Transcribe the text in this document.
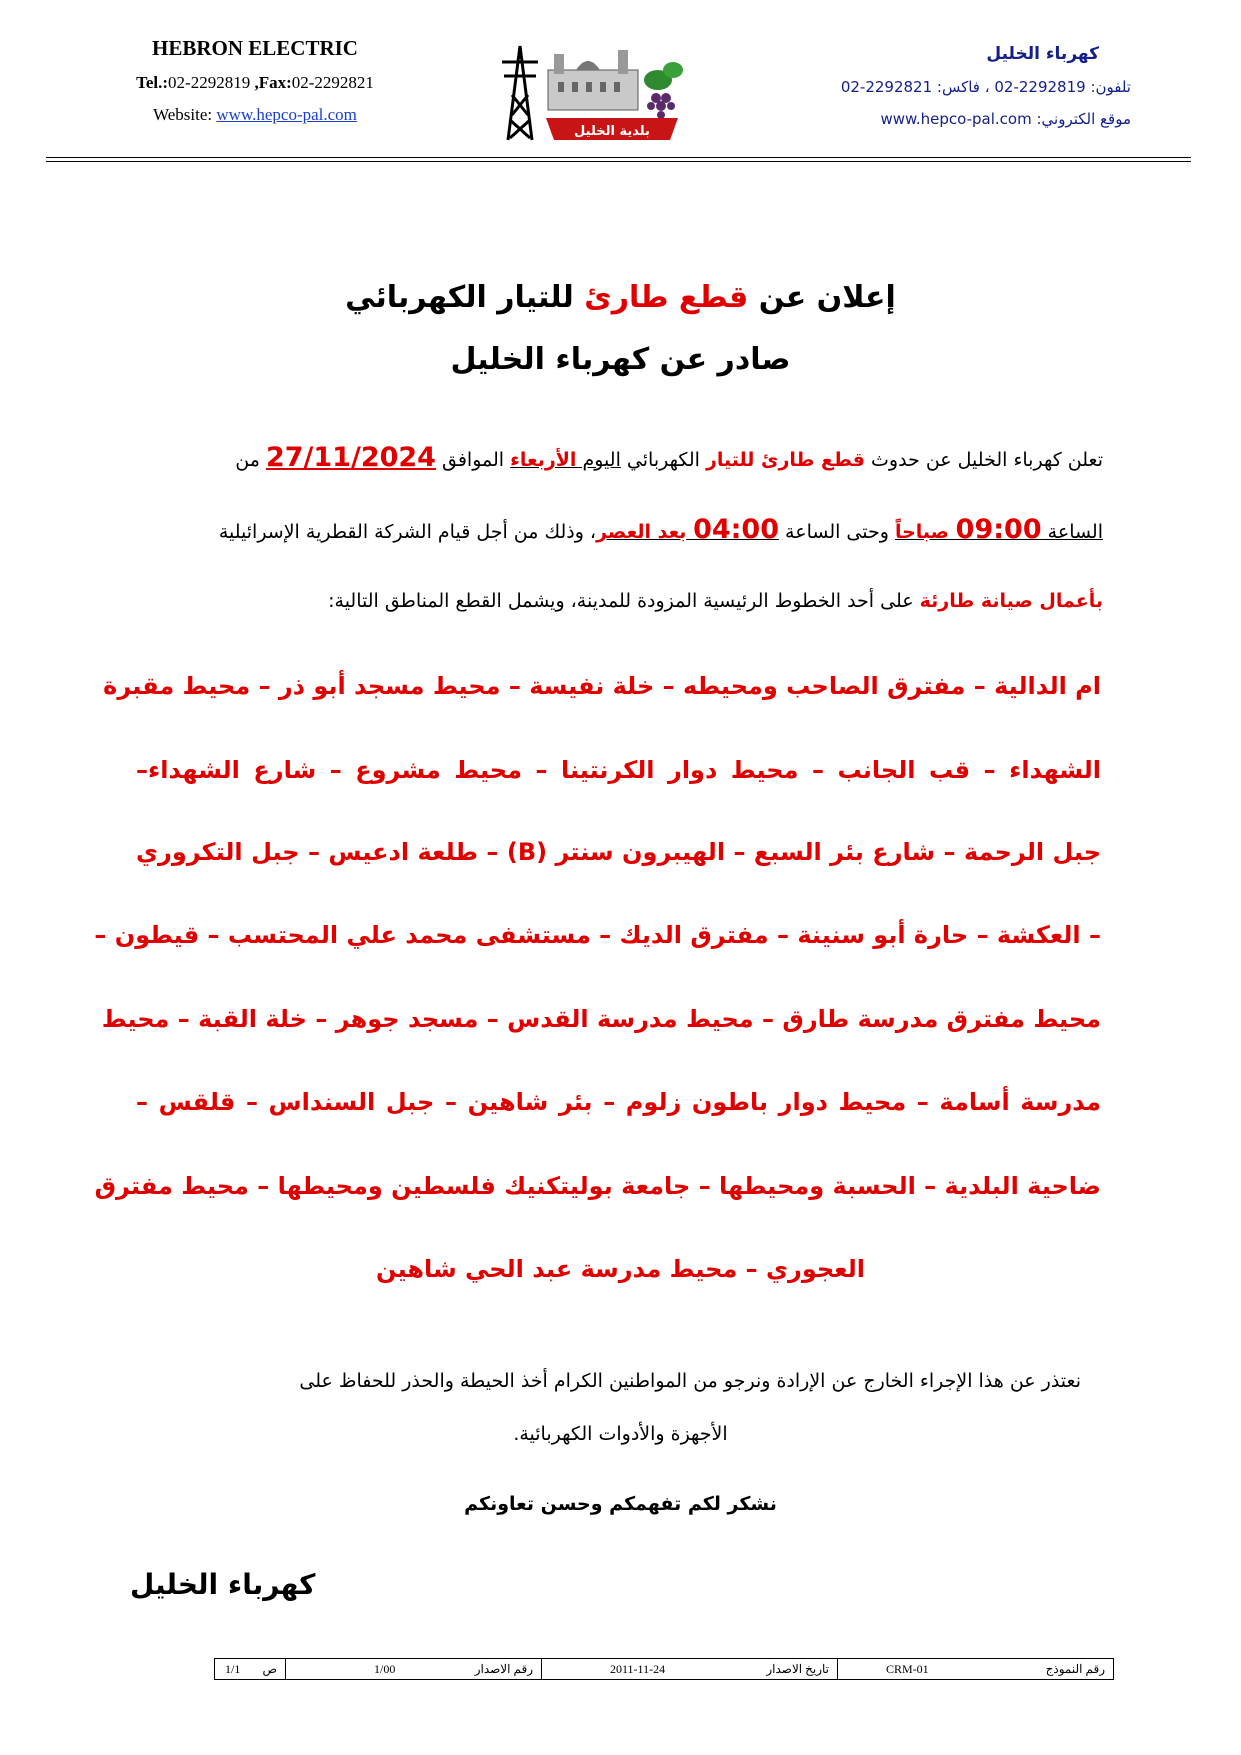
HEBRON ELECTRIC
Tel.:02-2292819 ,Fax:02-2292821
Website: www.hepco-pal.com
بلدية الخليل
كهرباء الخليل
تلفون: 02-2292819 ، فاكس: 02-2292821
موقع الكتروني: www.hepco-pal.com
إعلان عن قطع طارئ للتيار الكهربائي
صادر عن كهرباء الخليل
تعلن كهرباء الخليل عن حدوث قطع طارئ للتيار الكهربائي اليوم الأربعاء الموافق 27/11/2024 من
الساعة 09:00 صباحاً وحتى الساعة 04:00 بعد العصر، وذلك من أجل قيام الشركة القطرية الإسرائيلية
بأعمال صيانة طارئة على أحد الخطوط الرئيسية المزودة للمدينة، ويشمل القطع المناطق التالية:
ام الدالية – مفترق الصاحب ومحيطه – خلة نفيسة – محيط مسجد أبو ذر – محيط مقبرة
الشهداء – قب الجانب – محيط دوار الكرنتينا – محيط مشروع – شارع الشهداء–
جبل الرحمة – شارع بئر السبع – الهيبرون سنتر (B) – طلعة ادعيس – جبل التكروري
– العكشة – حارة أبو سنينة – مفترق الديك – مستشفى محمد علي المحتسب – قيطون –
محيط مفترق مدرسة طارق – محيط مدرسة القدس – مسجد جوهر – خلة القبة – محيط
مدرسة أسامة – محيط دوار باطون زلوم – بئر شاهين – جبل السنداس – قلقس –
ضاحية البلدية – الحسبة ومحيطها – جامعة بوليتكنيك فلسطين ومحيطها – محيط مفترق
العجوري – محيط مدرسة عبد الحي شاهين
نعتذر عن هذا الإجراء الخارج عن الإرادة ونرجو من المواطنين الكرام أخذ الحيطة والحذر للحفاظ على
الأجهزة والأدوات الكهربائية.
نشكر لكم تفهمكم وحسن تعاونكم
كهرباء الخليل
رقم النموذج
CRM-01
تاريخ الاصدار
2011-11-24
رقم الاصدار
1/00
ص
1/1
